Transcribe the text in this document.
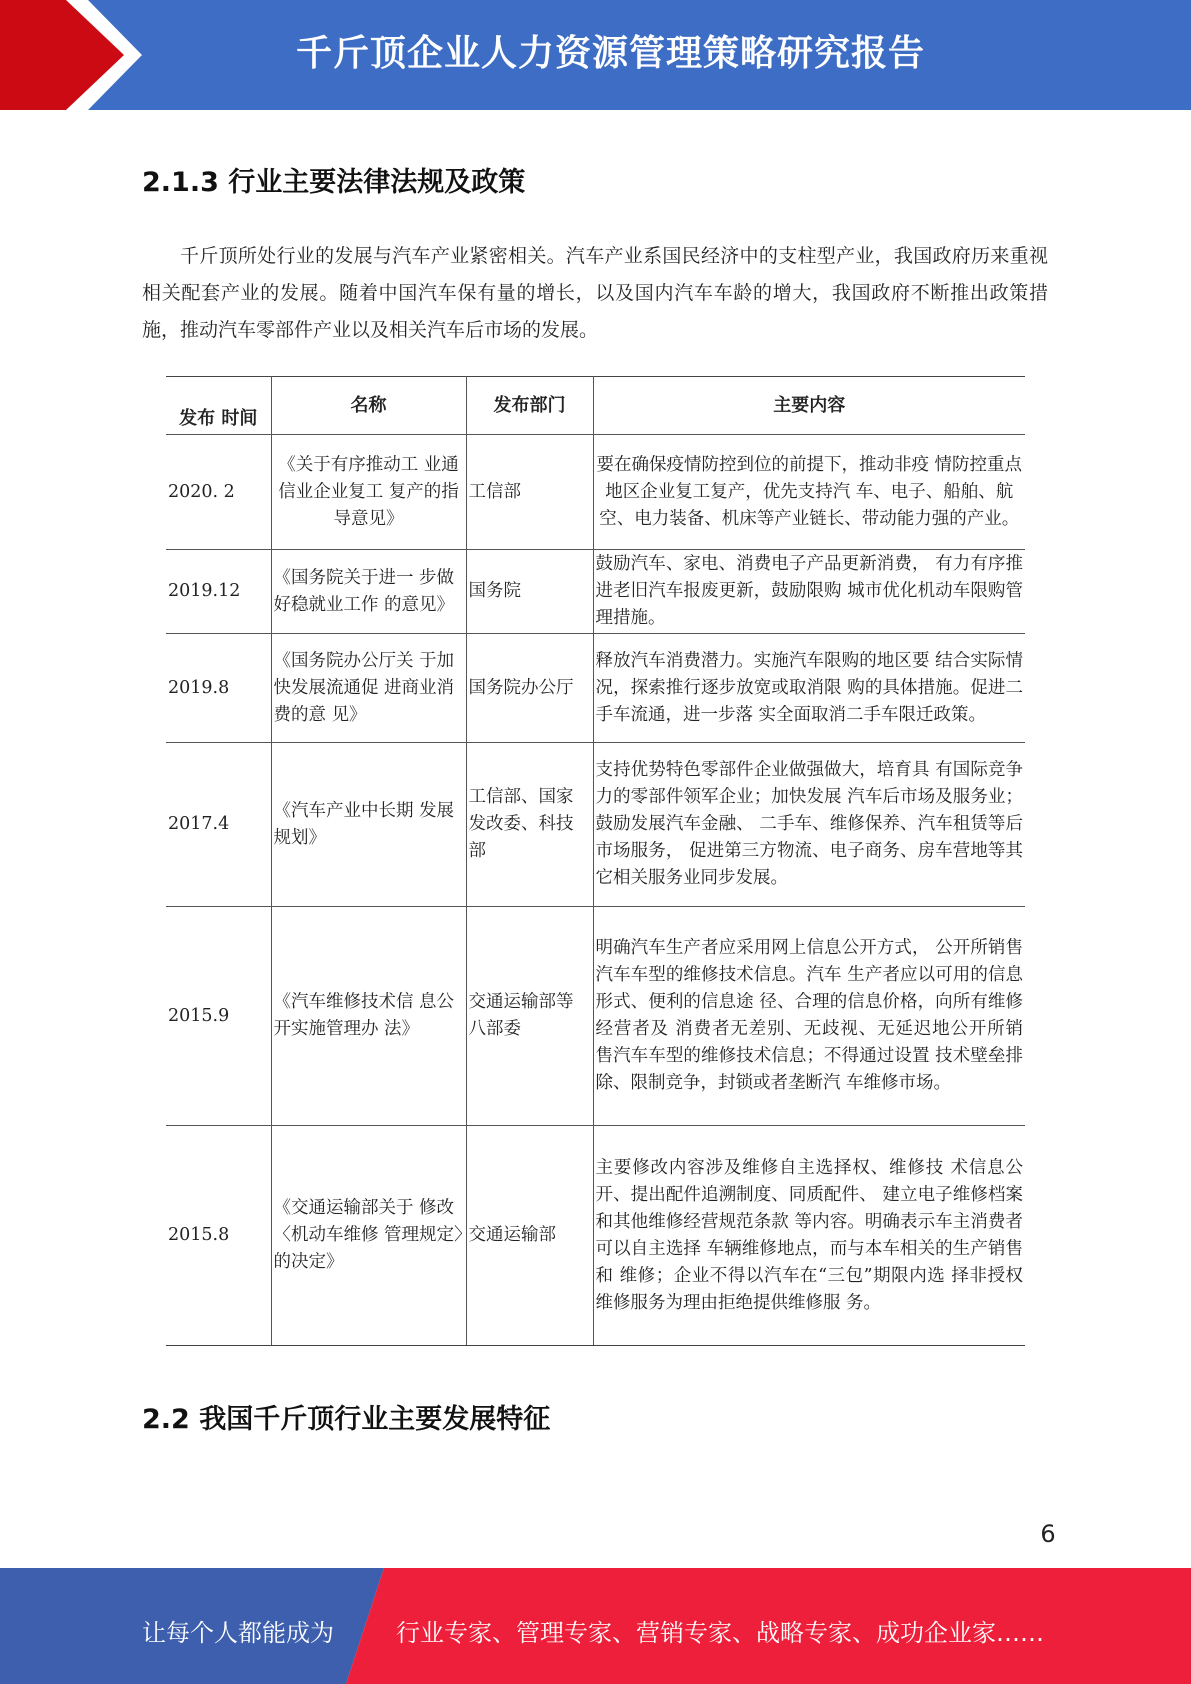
千斤顶企业人力资源管理策略研究报告
2.1.3 行业主要法律法规及政策

千斤顶所处行业的发展与汽车产业紧密相关。汽车产业系国民经济中的支柱型产业，我国政府历来重视相关配套产业的发展。随着中国汽车保有量的增长，以及国内汽车车龄的增大，我国政府不断推出政策措施，推动汽车零部件产业以及相关汽车后市场的发展。

发布 时间	名称	发布部门	主要内容
2020. 2	《关于有序推动工 业通信业企业复工 复产的指导意见》	工信部	要在确保疫情防控到位的前提下，推动非疫 情防控重点地区企业复工复产，优先支持汽 车、电子、船舶、航空、电力装备、机床等产业链长、带动能力强的产业。
2019.12	《国务院关于进一 步做好稳就业工作 的意见》	国务院	鼓励汽车、家电、消费电子产品更新消费， 有力有序推进老旧汽车报废更新，鼓励限购 城市优化机动车限购管理措施。
2019.8	《国务院办公厅关 于加快发展流通促 进商业消费的意 见》	国务院办公厅	释放汽车消费潜力。实施汽车限购的地区要 结合实际情况，探索推行逐步放宽或取消限 购的具体措施。促进二手车流通，进一步落 实全面取消二手车限迁政策。
2017.4	《汽车产业中长期 发展规划》	工信部、国家发改委、科技部	支持优势特色零部件企业做强做大，培育具 有国际竞争力的零部件领军企业；加快发展 汽车后市场及服务业；鼓励发展汽车金融、 二手车、维修保养、汽车租赁等后市场服务， 促进第三方物流、电子商务、房车营地等其 它相关服务业同步发展。
2015.9	《汽车维修技术信 息公开实施管理办 法》	交通运输部等八部委	明确汽车生产者应采用网上信息公开方式， 公开所销售汽车车型的维修技术信息。汽车 生产者应以可用的信息形式、便利的信息途 径、合理的信息价格，向所有维修经营者及 消费者无差别、无歧视、无延迟地公开所销 售汽车车型的维修技术信息；不得通过设置 技术壁垒排除、限制竞争，封锁或者垄断汽 车维修市场。
2015.8	《交通运输部关于 修改〈机动车维修 管理规定〉的决定》	交通运输部	主要修改内容涉及维修自主选择权、维修技 术信息公开、提出配件追溯制度、同质配件、 建立电子维修档案和其他维修经营规范条款 等内容。明确表示车主消费者可以自主选择 车辆维修地点，而与本车相关的生产销售和 维修；企业不得以汽车在“三包”期限内选 择非授权维修服务为理由拒绝提供维修服 务。
2.2 我国千斤顶行业主要发展特征
6
让每个人都能成为	行业专家、管理专家、营销专家、战略专家、成功企业家……
